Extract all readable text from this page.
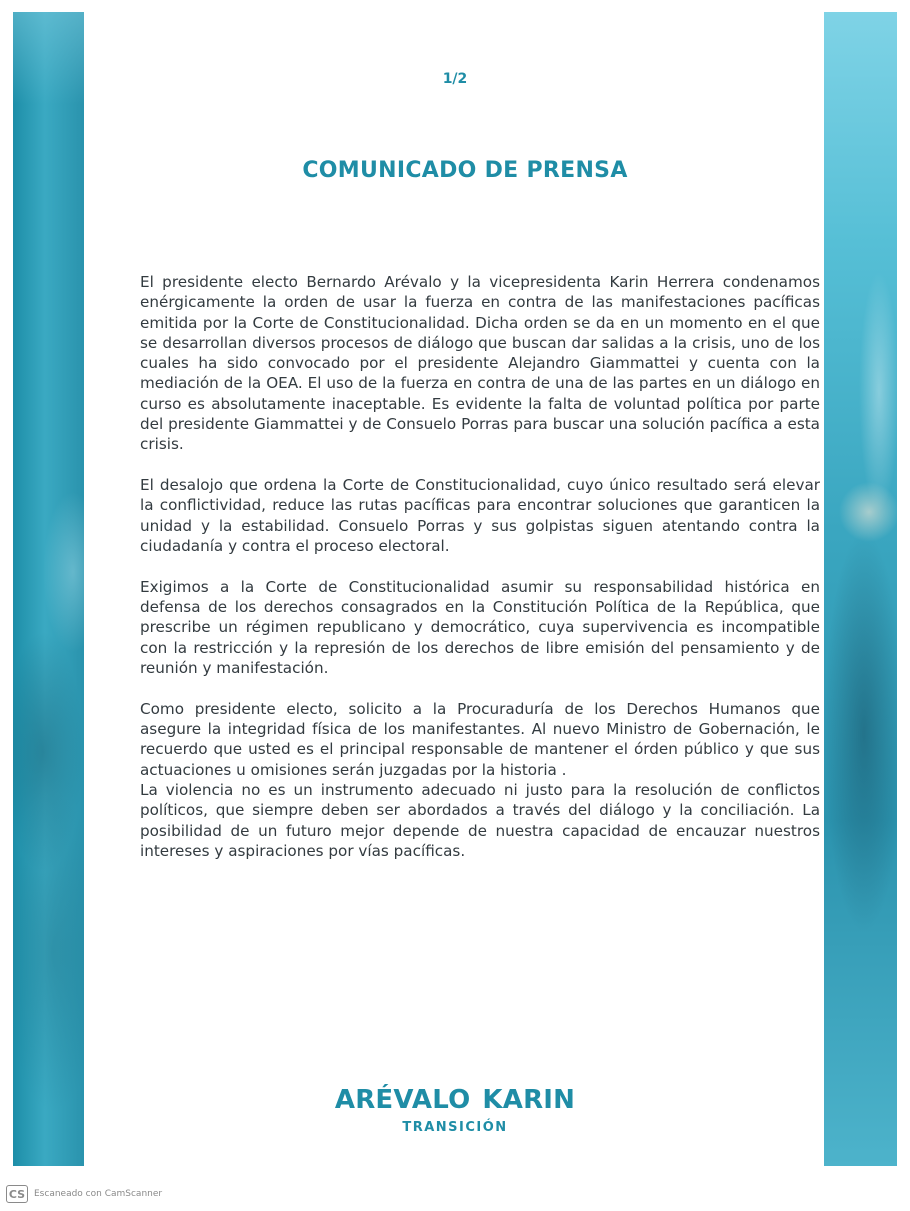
1/2
COMUNICADO DE PRENSA

El presidente electo Bernardo Arévalo y la vicepresidenta Karin Herrera condenamos enérgicamente la orden de usar la fuerza en contra de las manifestaciones pacíficas emitida por la Corte de Constitucionalidad. Dicha orden se da en un momento en el que se desarrollan diversos procesos de diálogo que buscan dar salidas a la crisis, uno de los cuales ha sido convocado por el presidente Alejandro Giammattei y cuenta con la mediación de la OEA. El uso de la fuerza en contra de una de las partes en un diálogo en curso es absolutamente inaceptable. Es evidente la falta de voluntad política por parte del presidente Giammattei y de Consuelo Porras para buscar una solución pacífica a esta crisis.

El desalojo que ordena la Corte de Constitucionalidad, cuyo único resultado será elevar la conflictividad, reduce las rutas pacíficas para encontrar soluciones que garanticen la unidad y la estabilidad. Consuelo Porras y sus golpistas siguen atentando contra la ciudadanía y contra el proceso electoral.

Exigimos a la Corte de Constitucionalidad asumir su responsabilidad histórica en defensa de los derechos consagrados en la Constitución Política de la República, que prescribe un régimen republicano y democrático, cuya supervivencia es incompatible con la restricción y la represión de los derechos de libre emisión del pensamiento y de reunión y manifestación.

Como presidente electo, solicito a la Procuraduría de los Derechos Humanos que asegure la integridad física de los manifestantes. Al nuevo Ministro de Gobernación, le recuerdo que usted es el principal responsable de mantener el órden público y que sus actuaciones u omisiones serán juzgadas por la historia .

La violencia no es un instrumento adecuado ni justo para la resolución de conflictos políticos, que siempre deben ser abordados a través del diálogo y la conciliación. La posibilidad de un futuro mejor depende de nuestra capacidad de encauzar nuestros intereses y aspiraciones por vías pacíficas.

ARÉVALO KARIN
TRANSICIÓN
CS Escaneado con CamScanner
